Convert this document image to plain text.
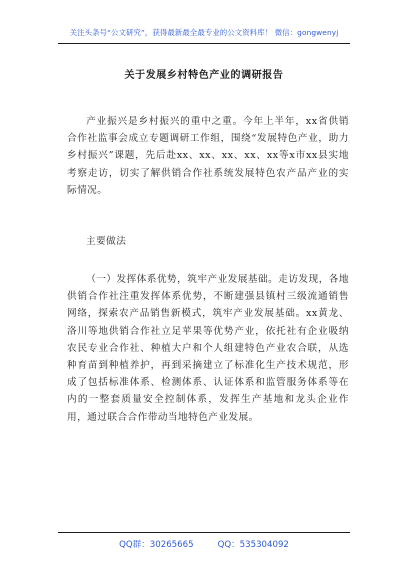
关注头条号“公文研究”，获得最新最全最专业的公文资料库！ 微信：gongwenyj
关于发展乡村特色产业的调研报告
产业振兴是乡村振兴的重中之重。今年上半年，xx省供销合作社监事会成立专题调研工作组，围绕“发展特色产业，助力乡村振兴”课题，先后赴xx、xx、xx、xx、xx等x市xx县实地考察走访，切实了解供销合作社系统发展特色农产品产业的实际情况。
主要做法
（一）发挥体系优势，筑牢产业发展基础。走访发现，各地供销合作社注重发挥体系优势，不断建强县镇村三级流通销售网络，探索农产品销售新模式，筑牢产业发展基础。xx黄龙、洛川等地供销合作社立足苹果等优势产业，依托社有企业吸纳农民专业合作社、种植大户和个人组建特色产业农合联，从选种育苗到种植养护，再到采摘建立了标准化生产技术规范，形成了包括标准体系、检测体系、认证体系和监管服务体系等在内的一整套质量安全控制体系，发挥生产基地和龙头企业作用，通过联合合作带动当地特色产业发展。
QQ群：30265665	QQ：535304092
